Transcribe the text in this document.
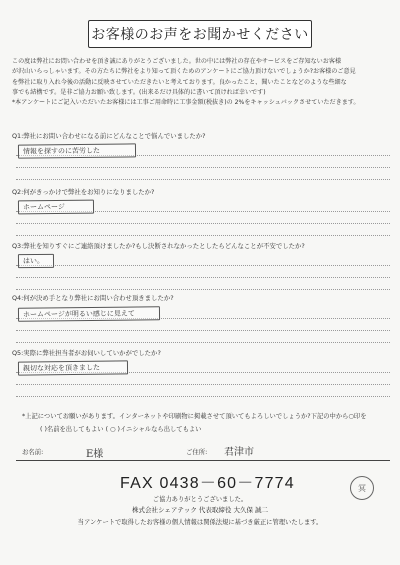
お客様のお声をお聞かせください
この度は弊社にお問い合わせを頂き誠にありがとうございました。世の中には弊社の存在やサービスをご存知ないお客様
が沢山いらっしゃいます。その方たちに弊社をより知って頂くためのアンケートにご協力頂けないでしょうか?お客様のご意見
を弊社に取り入れ今後の活動に反映させていただきたいと考えております。良かったこと、聞いたことなどのような些細な
事でも結構です。是非ご協力お願い致します。(出来るだけ具体的に書いて頂ければ幸いです)
*本アンケートにご記入いただいたお客様には工事ご用命時に工事金額(税抜き)の 2%をキャッシュバックさせていただきます。
Q1:弊社にお問い合わせになる前にどんなことで悩んでいましたか?
情報を探すのに苦労した
Q2:何がきっかけで弊社をお知りになりましたか?
ホームページ
Q3:弊社を知りすぐにご連絡頂けましたか?もし決断されなかったとしたらどんなことが不安でしたか?
はい。
Q4:何が決め手となり弊社にお問い合わせ頂きましたか?
ホームページが明るい感じに見えて
Q5:実際に弊社担当者がお伺いしていかがでしたか?
親切な対応を頂きました
*上記についてお願いがあります。インターネットや印刷物に掲載させて頂いてもよろしいでしょうか?下記の中から○印を
( )名前を出してもよい ( ○ )イニシャルなら出してもよい
お名前:	E様	ご住所: 君津市
FAX 0438－60－7774	冥
ご協力ありがとうございました。
株式会社シェアテック 代表取締役 大久保 誠二
当アンケートで取得したお客様の個人情報は関係法規に基づき厳正に管理いたします。
